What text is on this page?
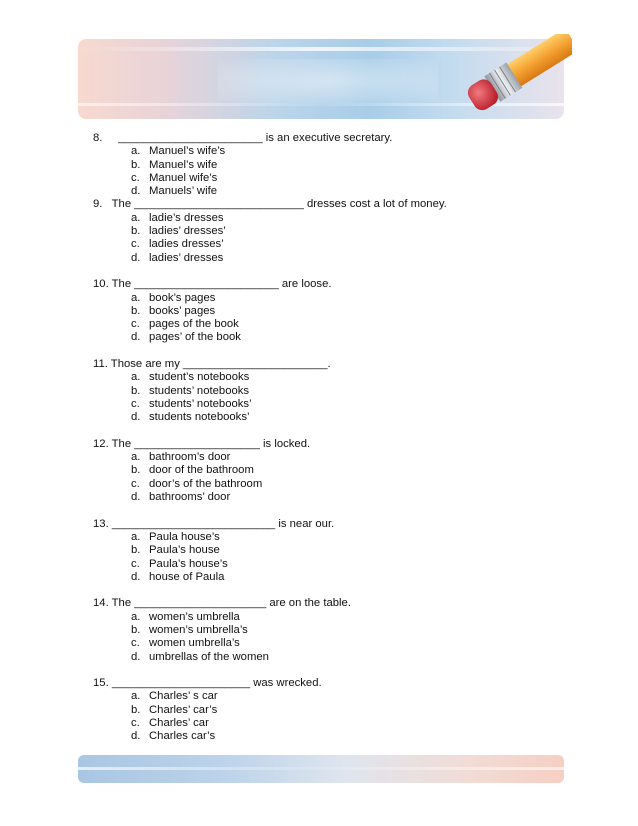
8.     _______________________ is an executive secretary.
a. Manuel’s wife’s
b. Manuel’s wife
c. Manuel wife’s
d. Manuels’ wife
9.   The ___________________________ dresses cost a lot of money.
a. ladie’s dresses
b. ladies’ dresses’
c. ladies dresses’
d. ladies’ dresses
10. The _______________________ are loose.
a. book’s pages
b. books’ pages
c. pages of the book
d. pages’ of the book
11. Those are my _______________________.
a. student’s notebooks
b. students’ notebooks
c. students’ notebooks’
d. students notebooks’
12. The ____________________ is locked.
a. bathroom’s door
b. door of the bathroom
c. door’s of the bathroom
d. bathrooms’ door
13. __________________________ is near our.
a. Paula house’s
b. Paula’s house
c. Paula’s house’s
d. house of Paula
14. The _____________________ are on the table.
a. women’s umbrella
b. women’s umbrella’s
c. women umbrella’s
d. umbrellas of the women
15. ______________________ was wrecked.
a. Charles’ s car
b. Charles’ car’s
c. Charles’ car
d. Charles car’s
